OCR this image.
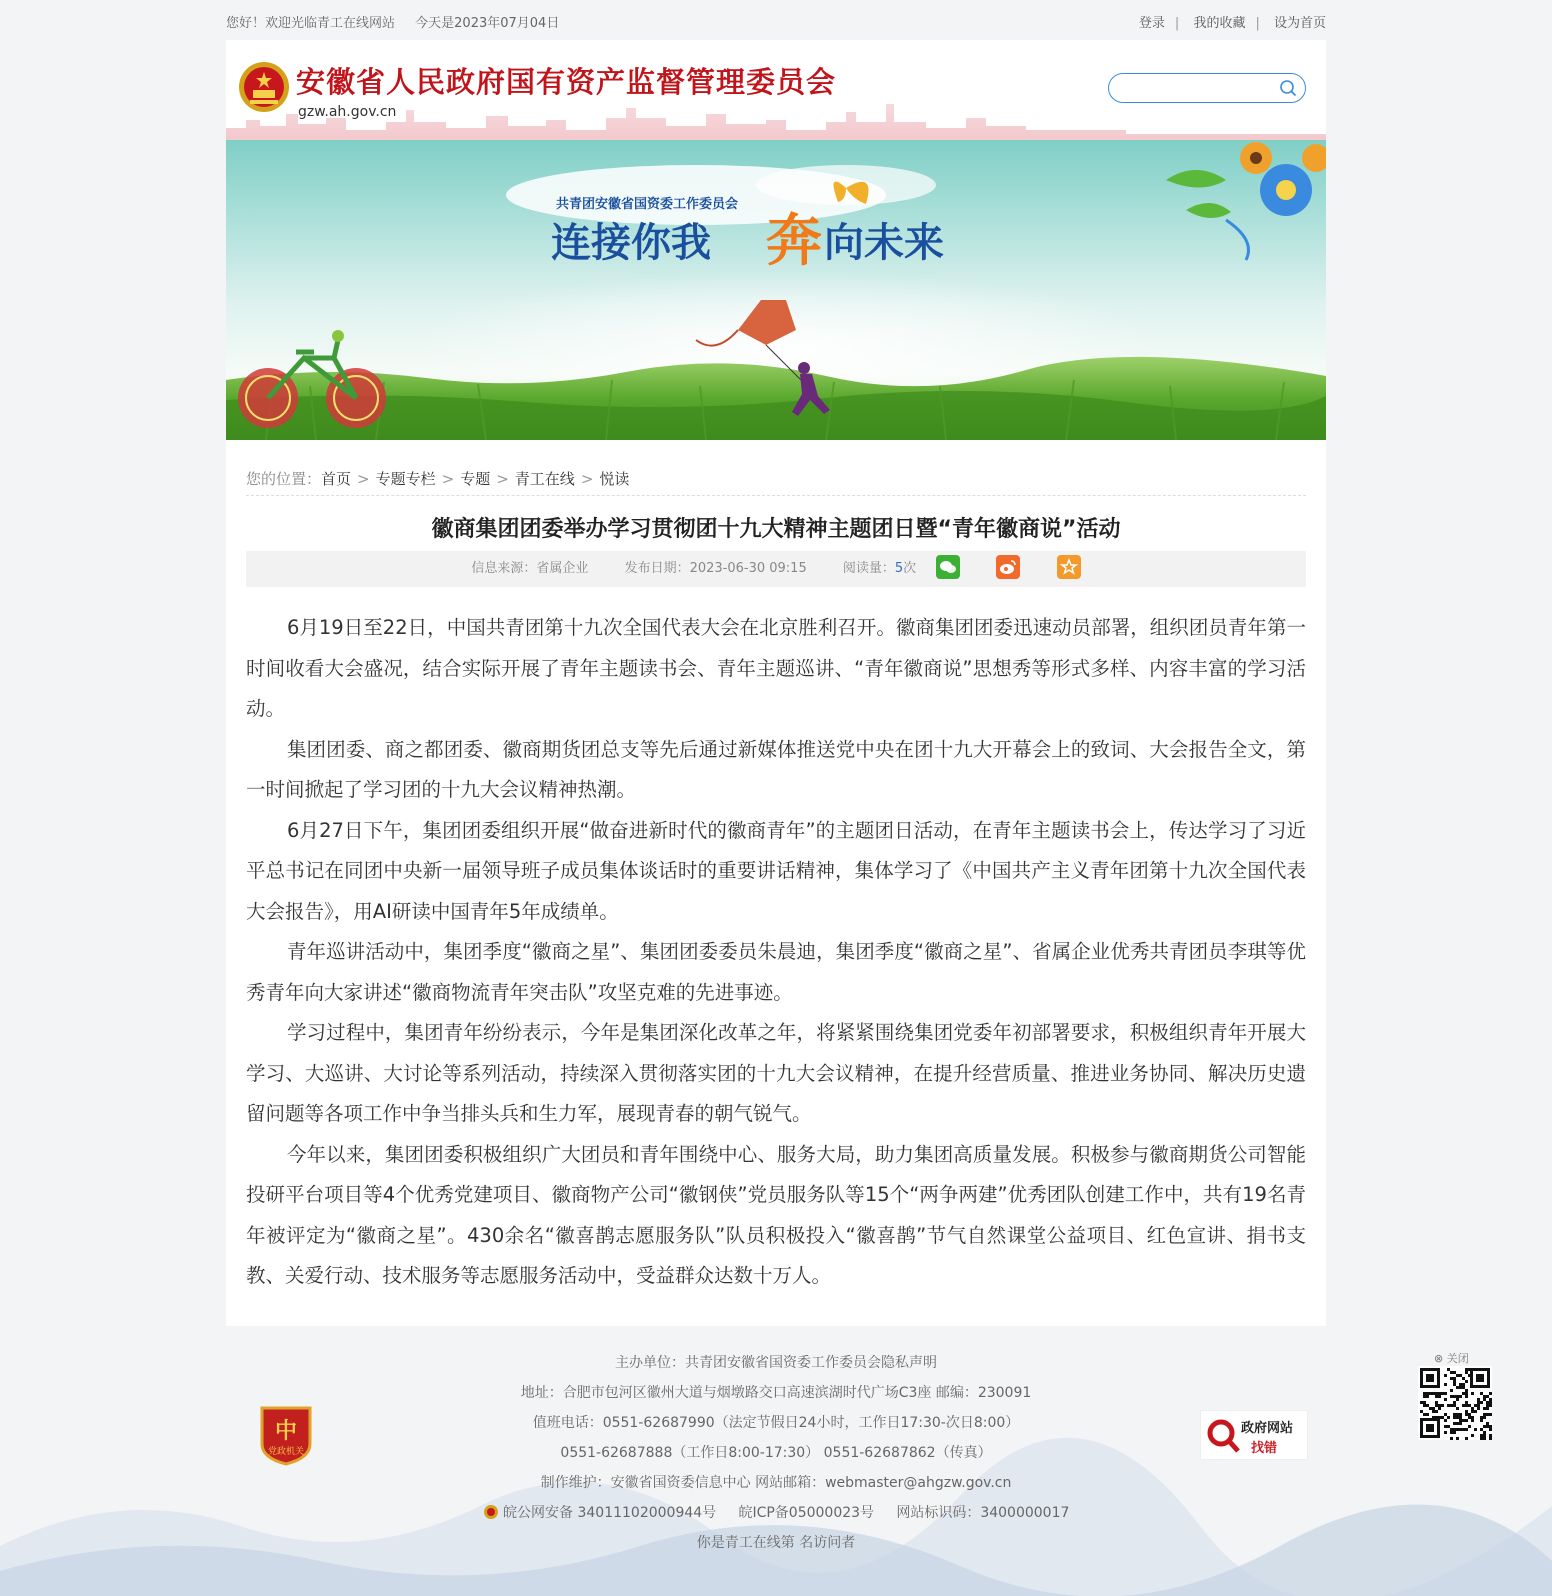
您好！欢迎光临青工在线网站 今天是2023年07月04日	登录 | 我的收藏 | 设为首页
安徽省人民政府国有资产监督管理委员会
gzw.ah.gov.cn
共青团安徽省国资委工作委员会
连接你我 奔 向未来
您的位置：首页 > 专题专栏 > 专题 > 青工在线 > 悦读
徽商集团团委举办学习贯彻团十九大精神主题团日暨“青年徽商说”活动
信息来源：省属企业	发布日期：2023-06-30 09:15	阅读量：5次

6月19日至22日，中国共青团第十九次全国代表大会在北京胜利召开。徽商集团团委迅速动员部署，组织团员青年第一时间收看大会盛况，结合实际开展了青年主题读书会、青年主题巡讲、“青年徽商说”思想秀等形式多样、内容丰富的学习活动。

集团团委、商之都团委、徽商期货团总支等先后通过新媒体推送党中央在团十九大开幕会上的致词、大会报告全文，第一时间掀起了学习团的十九大会议精神热潮。

6月27日下午，集团团委组织开展“做奋进新时代的徽商青年”的主题团日活动，在青年主题读书会上，传达学习了习近平总书记在同团中央新一届领导班子成员集体谈话时的重要讲话精神，集体学习了《中国共产主义青年团第十九次全国代表大会报告》，用AI研读中国青年5年成绩单。

青年巡讲活动中，集团季度“徽商之星”、集团团委委员朱晨迪，集团季度“徽商之星”、省属企业优秀共青团员李琪等优秀青年向大家讲述“徽商物流青年突击队”攻坚克难的先进事迹。

学习过程中，集团青年纷纷表示，今年是集团深化改革之年，将紧紧围绕集团党委年初部署要求，积极组织青年开展大学习、大巡讲、大讨论等系列活动，持续深入贯彻落实团的十九大会议精神，在提升经营质量、推进业务协同、解决历史遗留问题等各项工作中争当排头兵和生力军，展现青春的朝气锐气。

今年以来，集团团委积极组织广大团员和青年围绕中心、服务大局，助力集团高质量发展。积极参与徽商期货公司智能投研平台项目等4个优秀党建项目、徽商物产公司“徽钢侠”党员服务队等15个“两争两建”优秀团队创建工作中，共有19名青年被评定为“徽商之星”。430余名“徽喜鹊志愿服务队”队员积极投入“徽喜鹊”节气自然课堂公益项目、红色宣讲、捐书支教、关爱行动、技术服务等志愿服务活动中，受益群众达数十万人。

主办单位：共青团安徽省国资委工作委员会隐私声明
地址：合肥市包河区徽州大道与烟墩路交口高速滨湖时代广场C3座 邮编：230091
值班电话：0551-62687990（法定节假日24小时，工作日17:30-次日8:00）
0551-62687888（工作日8:00-17:30） 0551-62687862（传真）
制作维护：安徽省国资委信息中心 网站邮箱：webmaster@ahgzw.gov.cn
皖公网安备 34011102000944号 皖ICP备05000023号 网站标识码：3400000017
你是青工在线第 名访问者
中
党政机关
政府网站
找错
⊗ 关闭
